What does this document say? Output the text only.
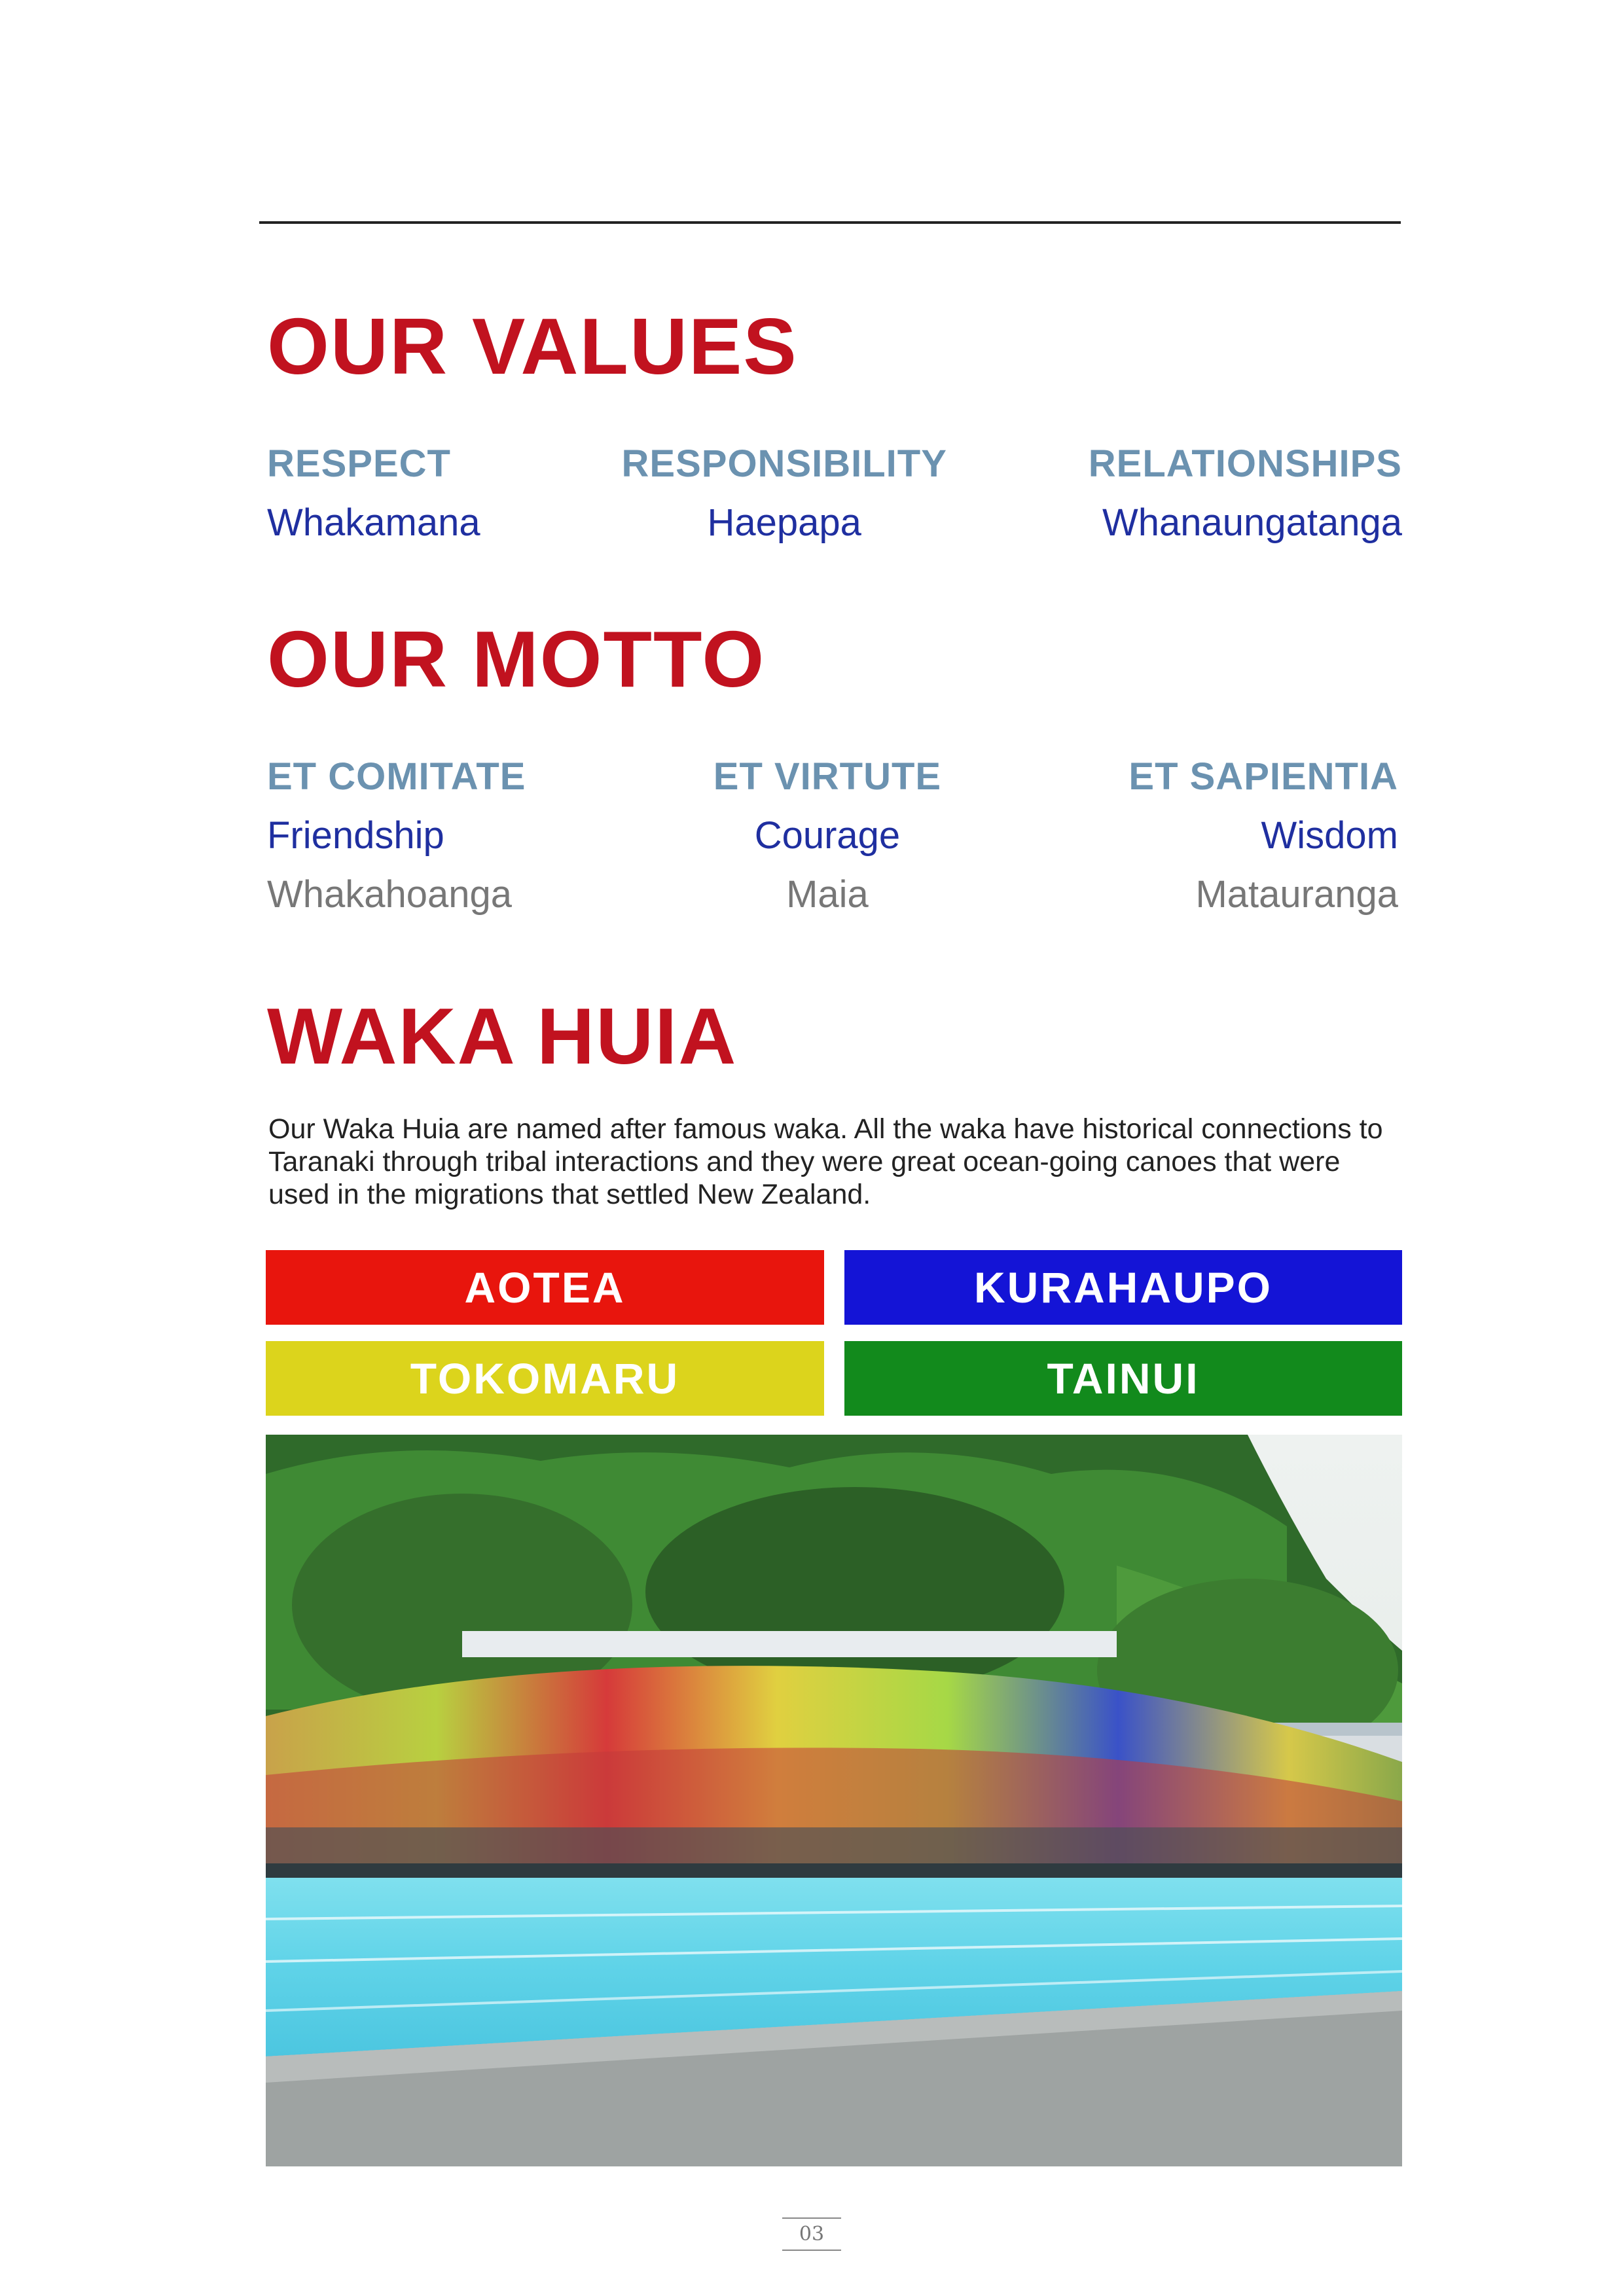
OUR VALUES
RESPECT
Whakamana
RESPONSIBILITY
Haepapa
RELATIONSHIPS
Whanaungatanga
OUR MOTTO
ET COMITATE
Friendship
Whakahoanga
ET VIRTUTE
Courage
Maia
ET SAPIENTIA
Wisdom
Matauranga
WAKA HUIA

Our Waka Huia are named after famous waka. All the waka have historical connections to Taranaki through tribal interactions and they were great ocean-going canoes that were used in the migrations that settled New Zealand.

AOTEA	KURAHAUPO
TOKOMARU	TAINUI
03
